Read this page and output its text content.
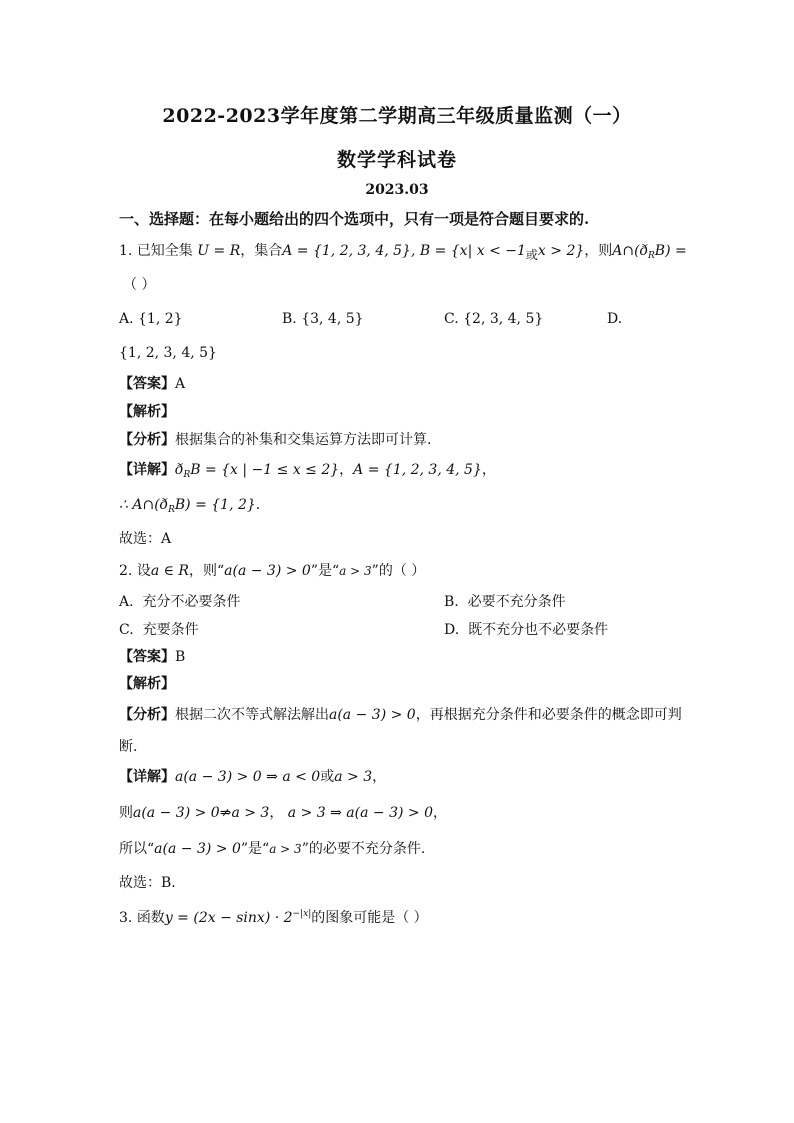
2022-2023学年度第二学期高三年级质量监测（一）
数学学科试卷
2023.03
一、选择题：在每小题给出的四个选项中，只有一项是符合题目要求的.
1. 已知全集 U = R，集合A = {1, 2, 3, 4, 5}, B = {x| x < −1或x > 2}，则$A\cap(ð_RB)$ =
（ ）
A. {1, 2}	B. {3, 4, 5}	C. {2, 3, 4, 5}	D.
{1, 2, 3, 4, 5}
【答案】A
【解析】
【分析】根据集合的补集和交集运算方法即可计算.
【详解】$ð_RB = \{x$ | −1 ≤ x ≤ 2}，A = {1, 2, 3, 4, 5}，
∴ $A\cap(ð_RB) = \{1$, 2}.
故选：A
2. 设a ∈ R，则“a(a − 3) > 0”是“a > 3”的（ ）
A. 充分不必要条件	B. 必要不充分条件
C. 充要条件	D. 既不充分也不必要条件
【答案】B
【解析】
【分析】根据二次不等式解法解出a(a − 3) > 0，再根据充分条件和必要条件的概念即可判
断.
【详解】a(a − 3) > 0 ⇒ a < 0或a > 3，
则a(a − 3) > 0⇒a > 3， a > 3 ⇒ a(a − 3) > 0，
所以“a(a − 3) > 0”是“a > 3”的必要不充分条件.
故选：B.
3. 函数$y = (2x - \sin x) \cdot 2^{-|x|}$的图象可能是（ ）
